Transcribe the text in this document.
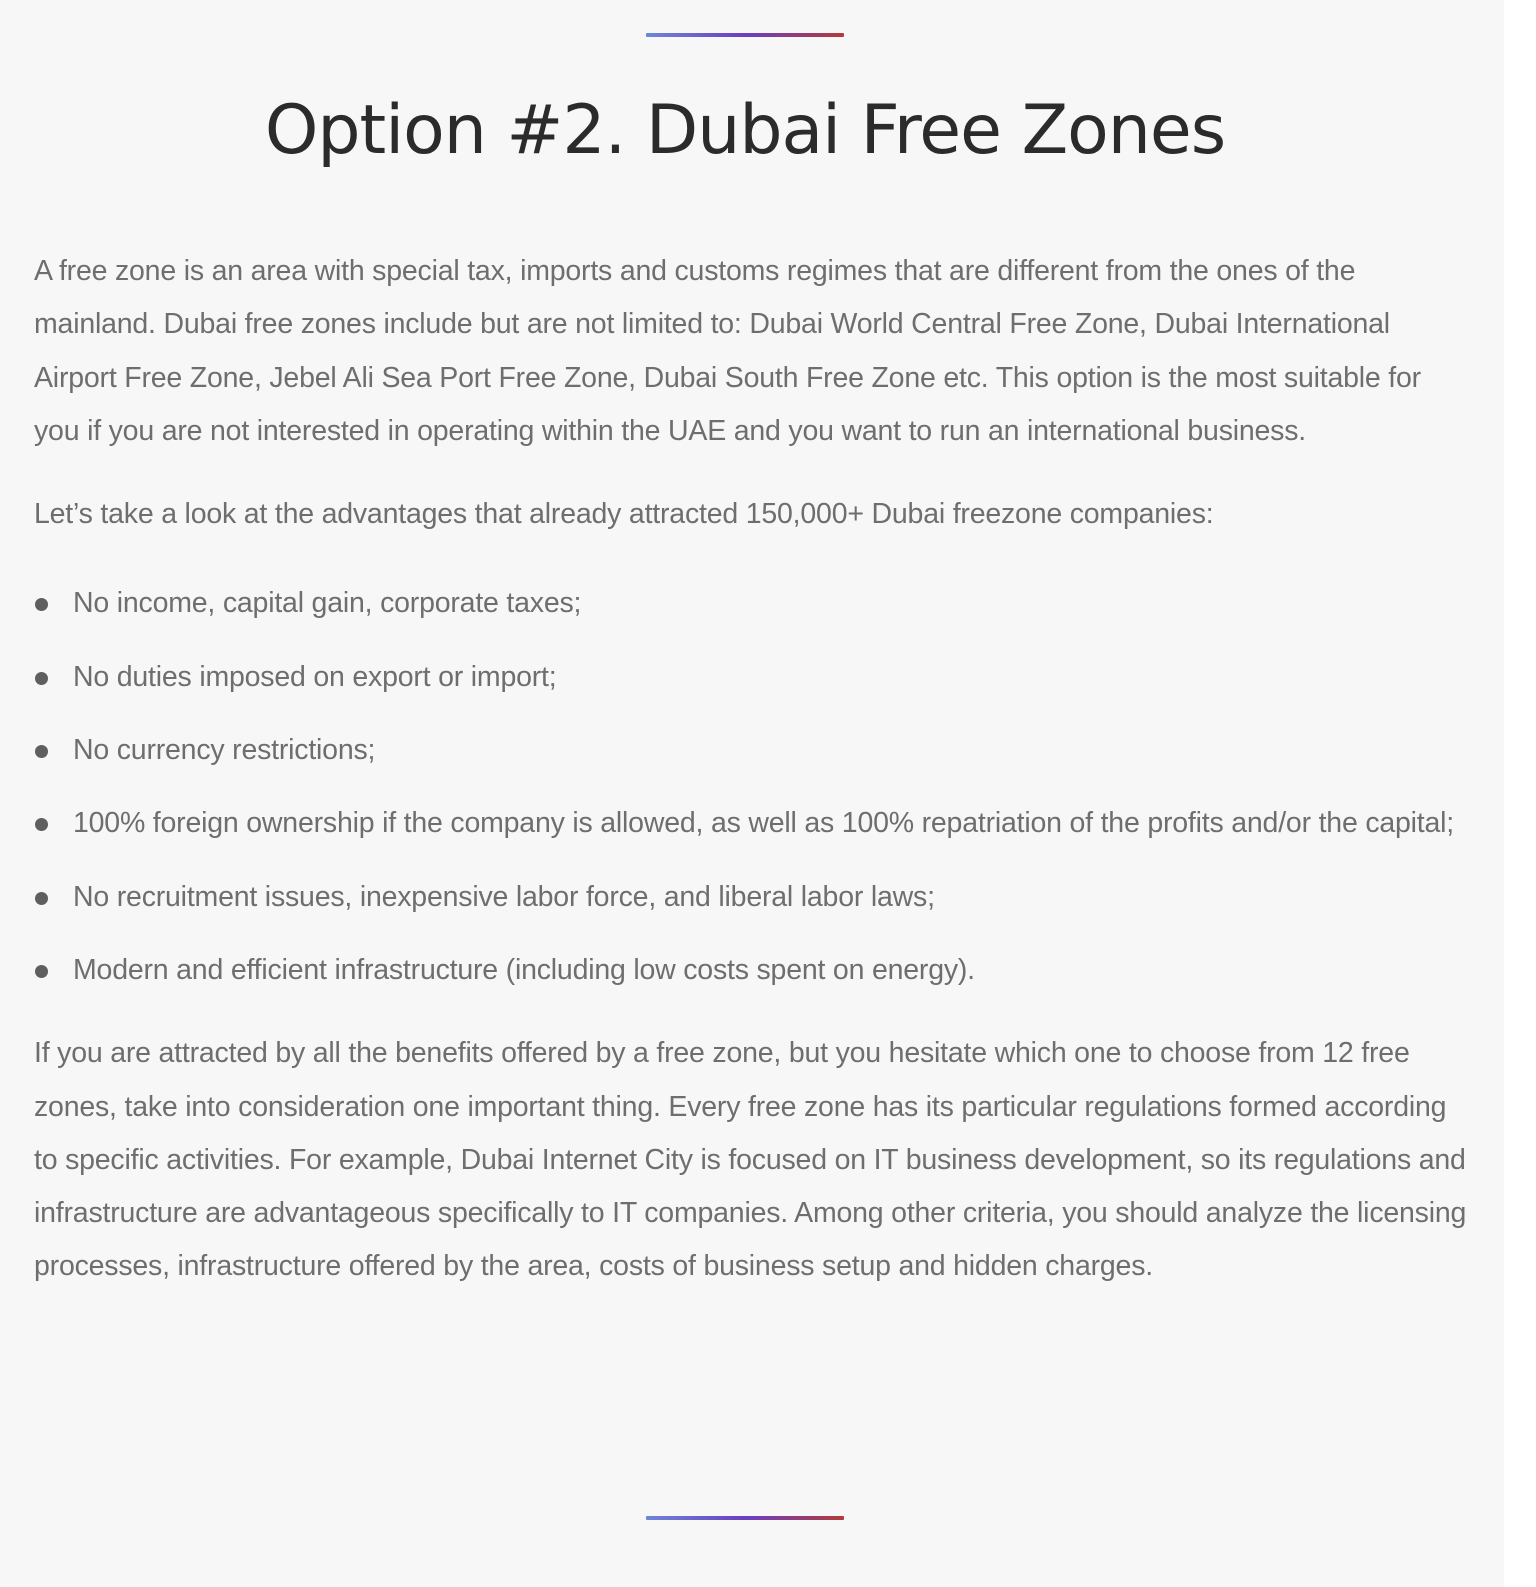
Option #2. Dubai Free Zones

A free zone is an area with special tax, imports and customs regimes that are different from the ones of the mainland. Dubai free zones include but are not limited to: Dubai World Central Free Zone, Dubai International Airport Free Zone, Jebel Ali Sea Port Free Zone, Dubai South Free Zone etc. This option is the most suitable for you if you are not interested in operating within the UAE and you want to run an international business.

Let’s take a look at the advantages that already attracted 150,000+ Dubai freezone companies:

No income, capital gain, corporate taxes;
No duties imposed on export or import;
No currency restrictions;
100% foreign ownership if the company is allowed, as well as 100% repatriation of the profits and/or the capital;
No recruitment issues, inexpensive labor force, and liberal labor laws;
Modern and efficient infrastructure (including low costs spent on energy).

If you are attracted by all the benefits offered by a free zone, but you hesitate which one to choose from 12 free zones, take into consideration one important thing. Every free zone has its particular regulations formed according to specific activities. For example, Dubai Internet City is focused on IT business development, so its regulations and infrastructure are advantageous specifically to IT companies. Among other criteria, you should analyze the licensing processes, infrastructure offered by the area, costs of business setup and hidden charges.
